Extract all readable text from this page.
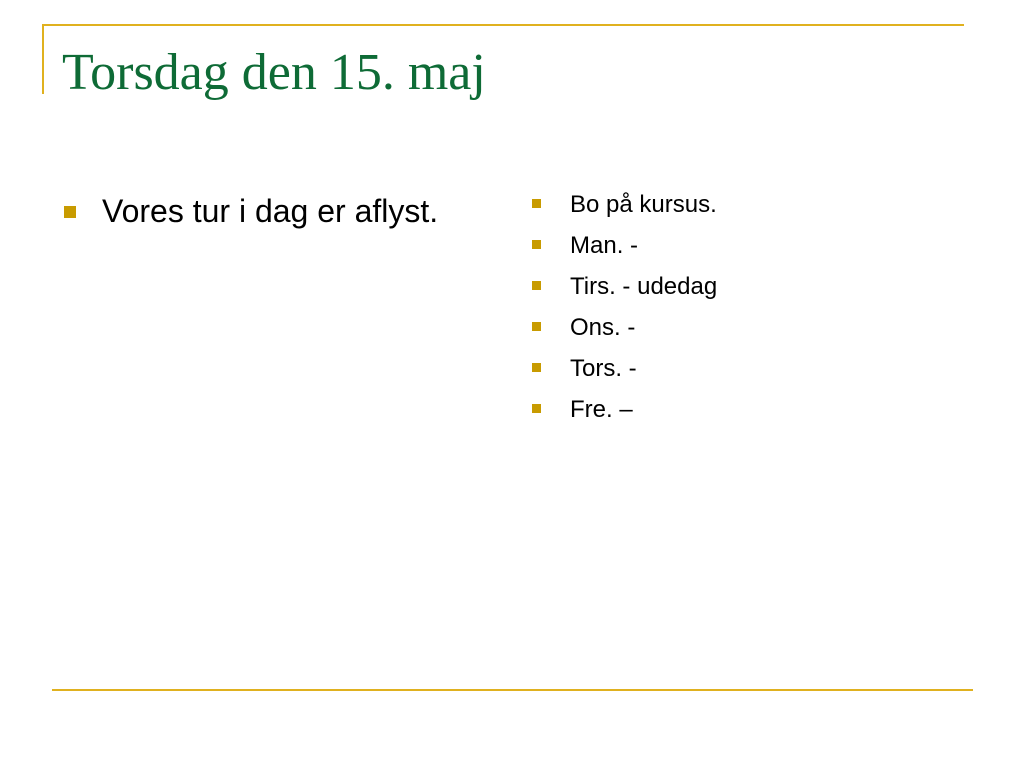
Torsdag den 15. maj
Vores tur i dag er aflyst.	Bo på kursus.
Man. -
Tirs. - udedag
Ons. -
Tors. -
Fre. –
